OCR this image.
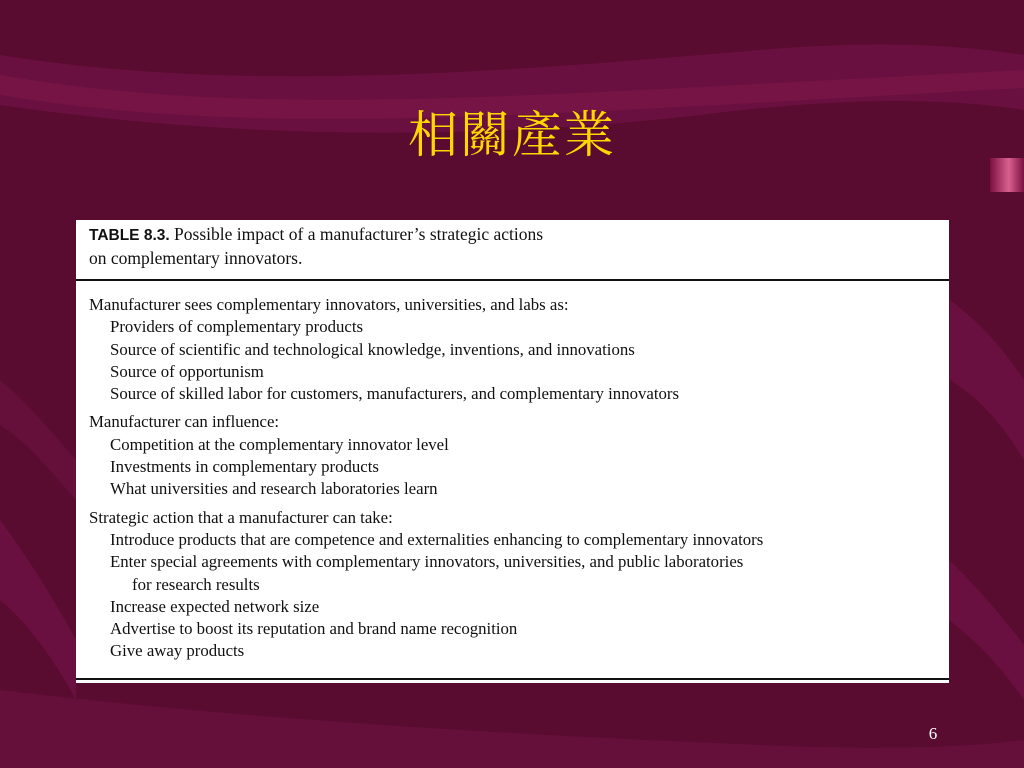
相關產業
TABLE 8.3. Possible impact of a manufacturer’s strategic actions
on complementary innovators.
Manufacturer sees complementary innovators, universities, and labs as:
Providers of complementary products
Source of scientific and technological knowledge, inventions, and innovations
Source of opportunism
Source of skilled labor for customers, manufacturers, and complementary innovators
Manufacturer can influence:
Competition at the complementary innovator level
Investments in complementary products
What universities and research laboratories learn
Strategic action that a manufacturer can take:
Introduce products that are competence and externalities enhancing to complementary innovators
Enter special agreements with complementary innovators, universities, and public laboratories
for research results
Increase expected network size
Advertise to boost its reputation and brand name recognition
Give away products
6
